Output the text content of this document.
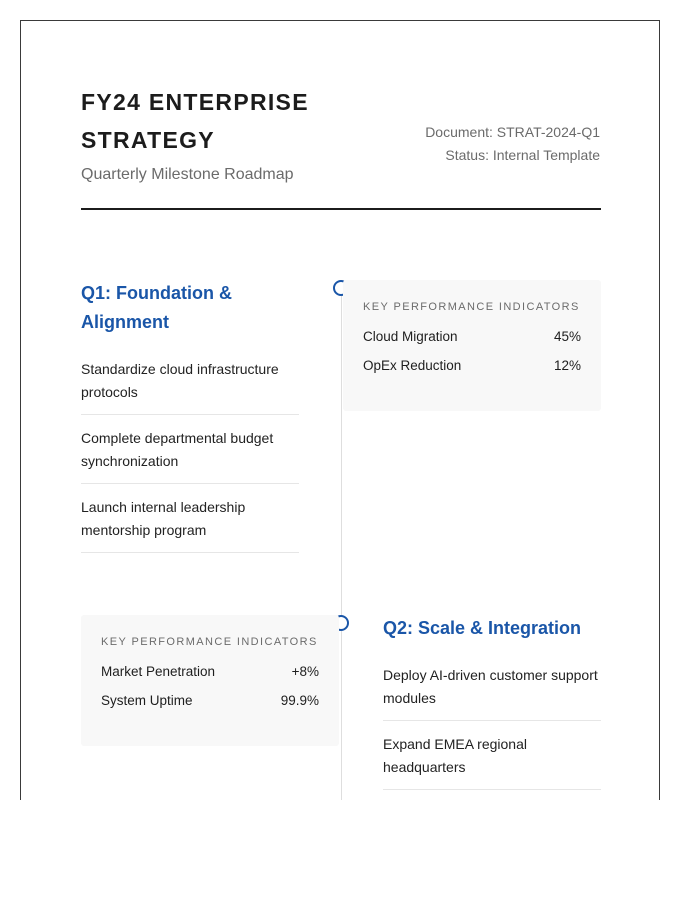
FY24 ENTERPRISE STRATEGY
Quarterly Milestone Roadmap
Document: STRAT-2024-Q1
Status: Internal Template
Q1: Foundation & Alignment
Standardize cloud infrastructure protocols
Complete departmental budget synchronization
Launch internal leadership mentorship program
KEY PERFORMANCE INDICATORS
Cloud Migration	45%
OpEx Reduction	12%
KEY PERFORMANCE INDICATORS
Market Penetration	+8%
System Uptime	99.9%
Q2: Scale & Integration
Deploy AI-driven customer support modules
Expand EMEA regional headquarters
